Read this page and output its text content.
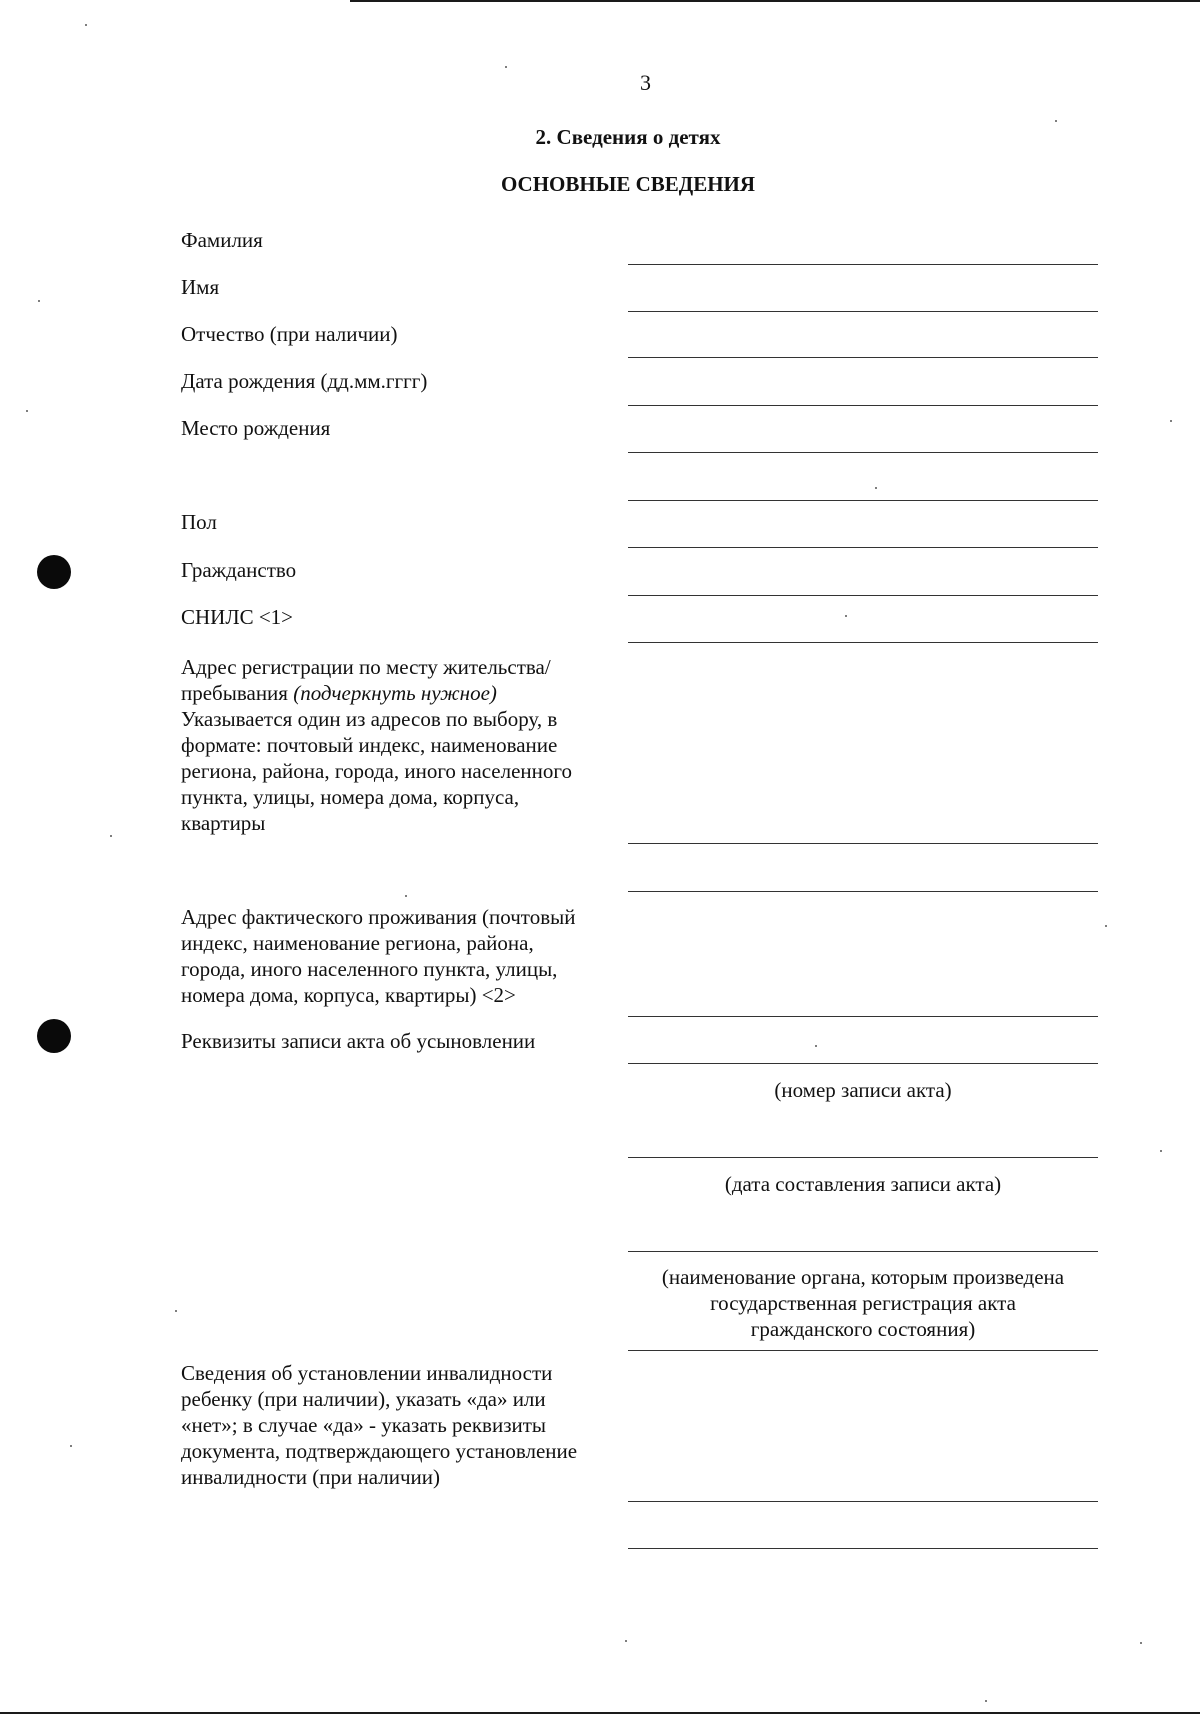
3
2. Сведения о детях
ОСНОВНЫЕ СВЕДЕНИЯ
Фамилия
Имя
Отчество (при наличии)
Дата рождения (дд.мм.гггг)
Место рождения
Пол
Гражданство
СНИЛС <1>
Адрес регистрации по месту жительства/
пребывания (подчеркнуть нужное)
Указывается один из адресов по выбору, в
формате: почтовый индекс, наименование
региона, района, города, иного населенного
пункта, улицы, номера дома, корпуса,
квартиры
Адрес фактического проживания (почтовый
индекс, наименование региона, района,
города, иного населенного пункта, улицы,
номера дома, корпуса, квартиры) <2>
Реквизиты записи акта об усыновлении
Сведения об установлении инвалидности
ребенку (при наличии), указать «да» или
«нет»; в случае «да» - указать реквизиты
документа, подтверждающего установление
инвалидности (при наличии)
(номер записи акта)
(дата составления записи акта)
(наименование органа, которым произведена
государственная регистрация акта
гражданского состояния)
